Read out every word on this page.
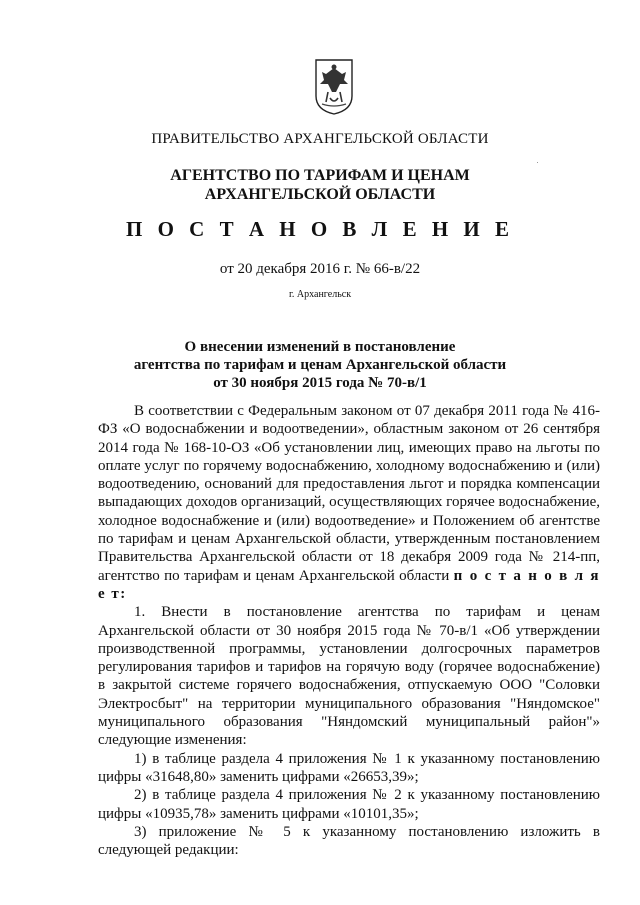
ПРАВИТЕЛЬСТВО АРХАНГЕЛЬСКОЙ ОБЛАСТИ
АГЕНТСТВО ПО ТАРИФАМ И ЦЕНАМ
АРХАНГЕЛЬСКОЙ ОБЛАСТИ
П О С Т А Н О В Л Е Н И Е
от 20 декабря 2016 г. № 66-в/22
г. Архангельск
О внесении изменений в постановление
агентства по тарифам и ценам Архангельской области
от 30 ноября 2015 года № 70-в/1

В соответствии с Федеральным законом от 07 декабря 2011 года № 416-ФЗ «О водоснабжении и водоотведении», областным законом от 26 сентября 2014 года № 168-10-ОЗ «Об установлении лиц, имеющих право на льготы по оплате услуг по горячему водоснабжению, холодному водоснабжению и (или) водоотведению, оснований для предоставления льгот и порядка компенсации выпадающих доходов организаций, осуществляющих горячее водоснабжение, холодное водоснабжение и (или) водоотведение» и Положением об агентстве по тарифам и ценам Архангельской области, утвержденным постановлением Правительства Архангельской области от 18 декабря 2009 года № 214-пп, агентство по тарифам и ценам Архангельской области п о с т а н о в л я е т:

1. Внести в постановление агентства по тарифам и ценам Архангельской области от 30 ноября 2015 года № 70-в/1 «Об утверждении производственной программы, установлении долгосрочных параметров регулирования тарифов и тарифов на горячую воду (горячее водоснабжение) в закрытой системе горячего водоснабжения, отпускаемую ООО "Соловки Электросбыт" на территории муниципального образования "Няндомское" муниципального образования "Няндомский муниципальный район"» следующие изменения:

1) в таблице раздела 4 приложения № 1 к указанному постановлению цифры «31648,80» заменить цифрами «26653,39»;

2) в таблице раздела 4 приложения № 2 к указанному постановлению цифры «10935,78» заменить цифрами «10101,35»;

3) приложение № 5 к указанному постановлению изложить в следующей редакции:
